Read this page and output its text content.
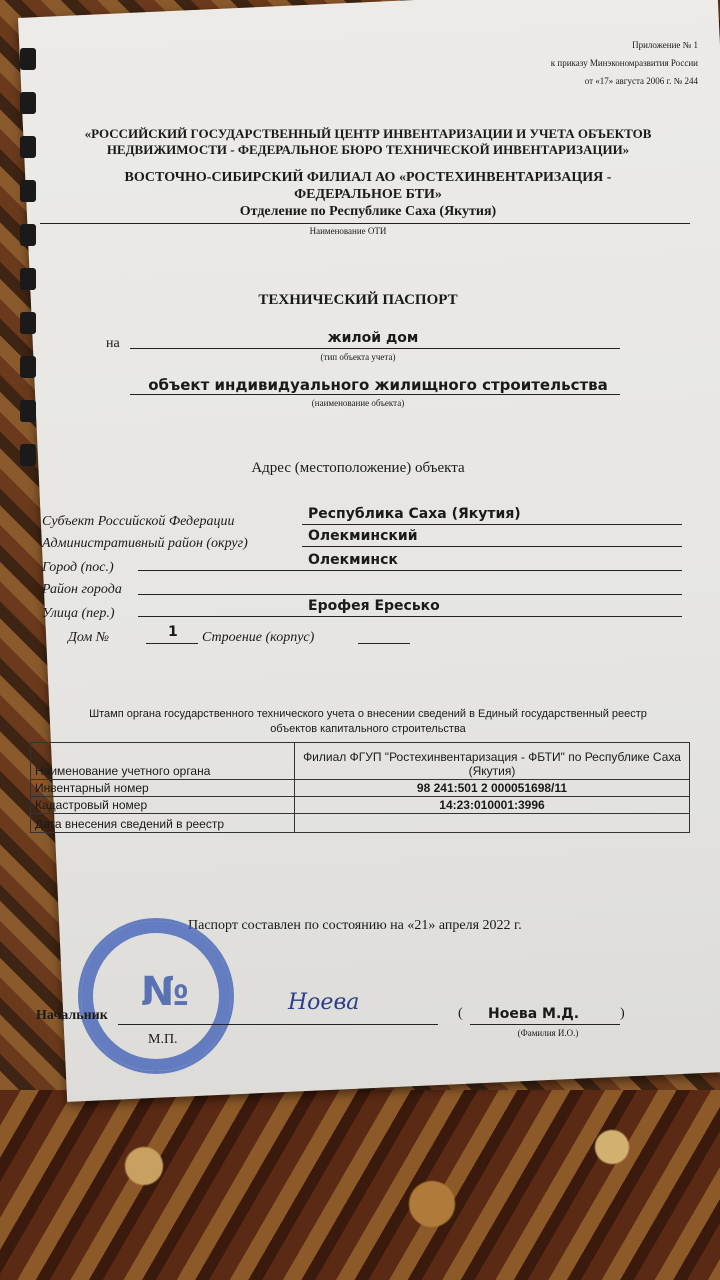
Приложение № 1
к приказу Минэкономразвития России
от «17» августа 2006 г. № 244
«РОССИЙСКИЙ ГОСУДАРСТВЕННЫЙ ЦЕНТР ИНВЕНТАРИЗАЦИИ И УЧЕТА ОБЪЕКТОВ
НЕДВИЖИМОСТИ - ФЕДЕРАЛЬНОЕ БЮРО ТЕХНИЧЕСКОЙ ИНВЕНТАРИЗАЦИИ»
ВОСТОЧНО-СИБИРСКИЙ ФИЛИАЛ АО «РОСТЕХИНВЕНТАРИЗАЦИЯ -
ФЕДЕРАЛЬНОЕ БТИ»
Отделение по Республике Саха (Якутия)
Наименование ОТИ
ТЕХНИЧЕСКИЙ ПАСПОРТ
на	жилой дом
(тип объекта учета)
объект индивидуального жилищного строительства
(наименование объекта)
Адрес (местоположение) объекта
Субъект Российской Федерации	Республика Саха (Якутия)
Административный район (округ)	Олекминский
Город (пос.)	Олекминск
Район города
Улица (пер.)	Ерофея Ересько
Дом №	1 Строение (корпус)
Штамп органа государственного технического учета о внесении сведений в Единый государственный реестр
объектов капитального строительства
Наименование учетного органа	Филиал ФГУП "Ростехинвентаризация - ФБТИ" по Республике Саха (Якутия)
Инвентарный номер	98 241:501 2 000051698/11
Кадастровый номер	14:23:010001:3996
Дата внесения сведений в реестр	
Паспорт составлен по состоянию на «21» апреля 2022 г.
№
Начальник
Ноева
М.П.
( Ноева М.Д.	)
(Фамилия И.О.)
